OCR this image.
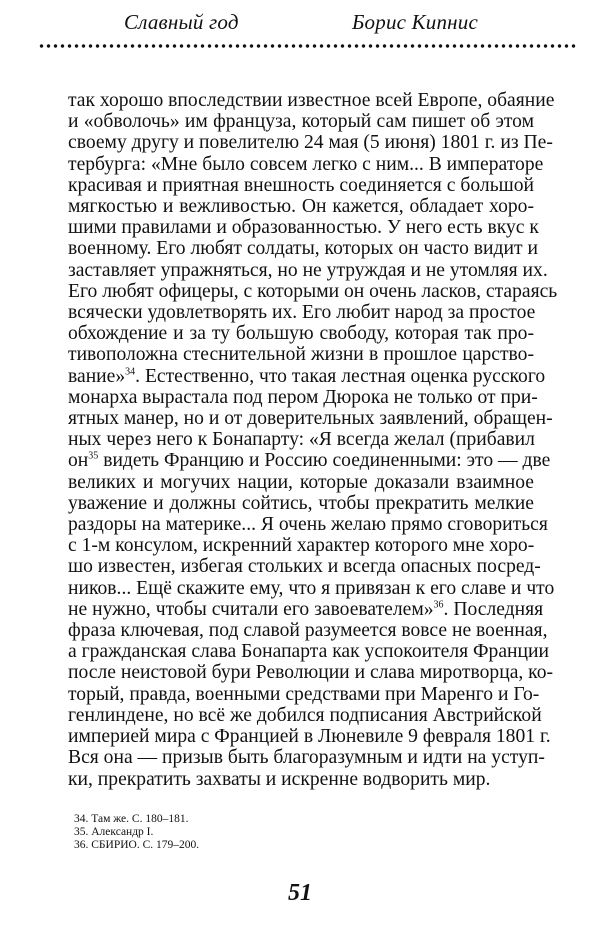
Славный год	Борис Кипнис
так хорошо впоследствии известное всей Европе, обаяние
и «обволочь» им француза, который сам пишет об этом
своему другу и повелителю 24 мая (5 июня) 1801 г. из Пе-
тербурга: «Мне было совсем легко с ним... В императоре
красивая и приятная внешность соединяется с большой
мягкостью и вежливостью. Он кажется, обладает хоро-
шими правилами и образованностью. У него есть вкус к
военному. Его любят солдаты, которых он часто видит и
заставляет упражняться, но не утруждая и не утомляя их.
Его любят офицеры, с которыми он очень ласков, стараясь
всячески удовлетворять их. Его любит народ за простое
обхождение и за ту большую свободу, которая так про-
тивоположна стеснительной жизни в прошлое царство-
вание»$^{34}$. Естественно, что такая лестная оценка русского
монарха вырастала под пером Дюрока не только от при-
ятных манер, но и от доверительных заявлений, обращен-
ных через него к Бонапарту: «Я всегда желал (прибавил
$он^{35}$ видеть Францию и Россию соединенными: это — две
великих и могучих нации, которые доказали взаимное
уважение и должны сойтись, чтобы прекратить мелкие
раздоры на материке... Я очень желаю прямо сговориться
с 1-м консулом, искренний характер которого мне хоро-
шо известен, избегая стольких и всегда опасных посред-
ников... Ещё скажите ему, что я привязан к его славе и что
не нужно, чтобы считали его завоевателем»$^{36}$. Последняя
фраза ключевая, под славой разумеется вовсе не военная,
а гражданская слава Бонапарта как успокоителя Франции
после неистовой бури Революции и слава миротворца, ко-
торый, правда, военными средствами при Маренго и Го-
генлиндене, но всё же добился подписания Австрийской
империей мира с Францией в Люневиле 9 февраля 1801 г.
Вся она — призыв быть благоразумным и идти на уступ-
ки, прекратить захваты и искренне водворить мир.
34. Там же. С. 180–181.
35. Александр I.
36. СБИРИО. С. 179–200.
51
